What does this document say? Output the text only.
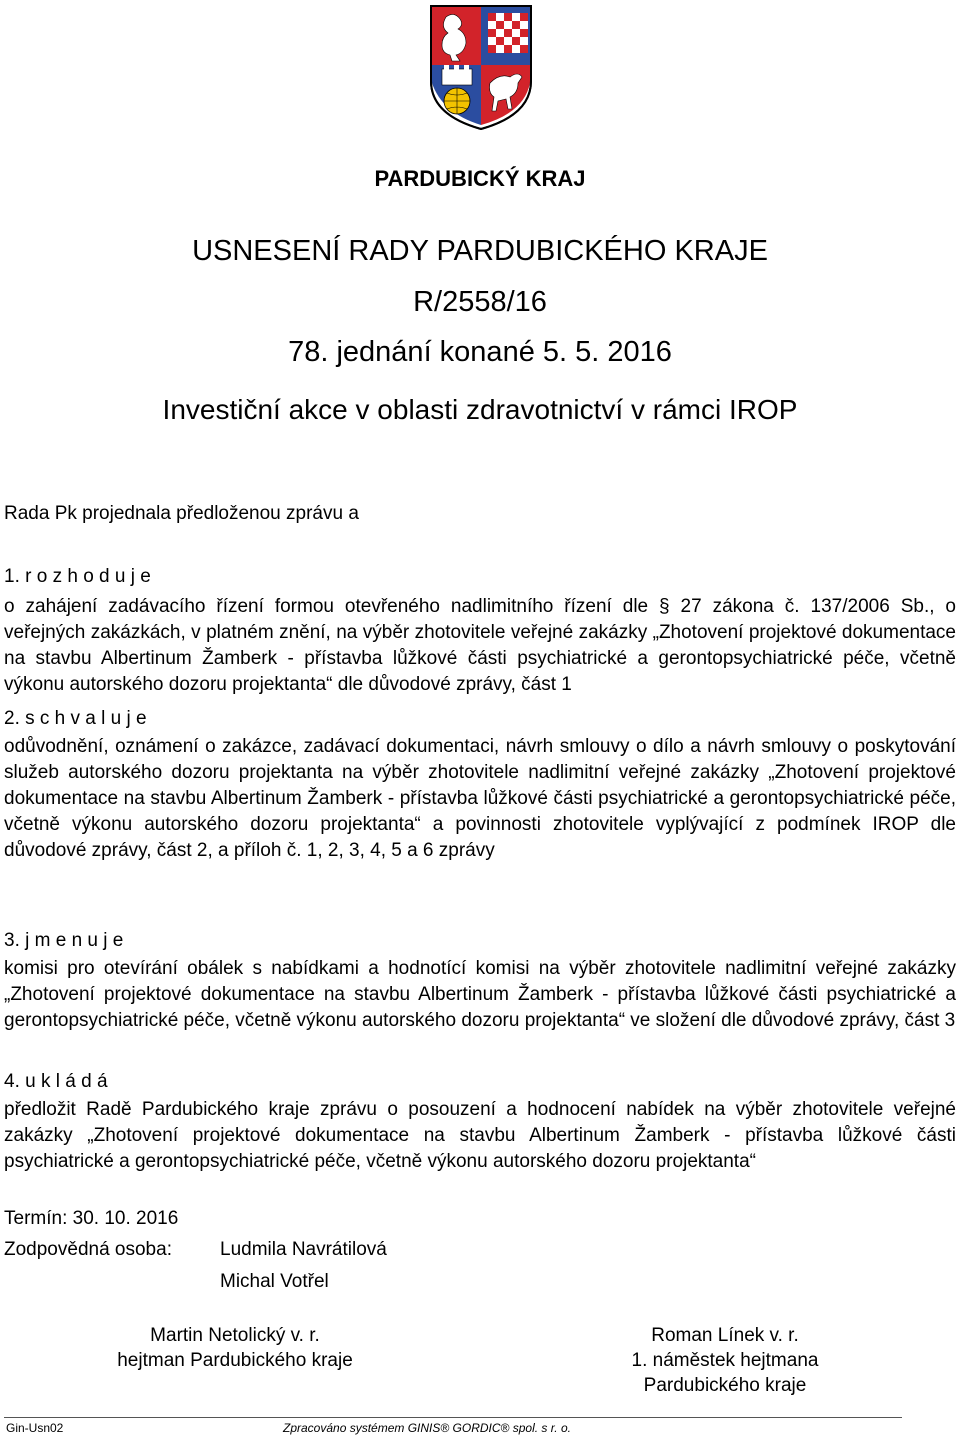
PARDUBICKÝ KRAJ
USNESENÍ RADY PARDUBICKÉHO KRAJE
R/2558/16
78. jednání konané 5. 5. 2016
Investiční akce v oblasti zdravotnictví v rámci IROP
Rada Pk projednala předloženou zprávu a
1. r o z h o d u j e
o zahájení zadávacího řízení formou otevřeného nadlimitního řízení dle § 27 zákona č. 137/2006 Sb., o veřejných zakázkách, v platném znění, na výběr zhotovitele veřejné zakázky „Zhotovení projektové dokumentace na stavbu Albertinum Žamberk - přístavba lůžkové části psychiatrické a gerontopsychiatrické péče, včetně výkonu autorského dozoru projektanta“ dle důvodové zprávy, část 1
2. s c h v a l u j e
odůvodnění, oznámení o zakázce, zadávací dokumentaci, návrh smlouvy o dílo a návrh smlouvy o poskytování služeb autorského dozoru projektanta na výběr zhotovitele nadlimitní veřejné zakázky „Zhotovení projektové dokumentace na stavbu Albertinum Žamberk - přístavba lůžkové části psychiatrické a gerontopsychiatrické péče, včetně výkonu autorského dozoru projektanta“ a povinnosti zhotovitele vyplývající z podmínek IROP dle důvodové zprávy, část 2, a příloh č. 1, 2, 3, 4, 5 a 6 zprávy
3. j m e n u j e
komisi pro otevírání obálek s nabídkami a hodnotící komisi na výběr zhotovitele nadlimitní veřejné zakázky „Zhotovení projektové dokumentace na stavbu Albertinum Žamberk - přístavba lůžkové části psychiatrické a gerontopsychiatrické péče, včetně výkonu autorského dozoru projektanta“ ve složení dle důvodové zprávy, část 3
4. u k l á d á
předložit Radě Pardubického kraje zprávu o posouzení a hodnocení nabídek na výběr zhotovitele veřejné zakázky „Zhotovení projektové dokumentace na stavbu Albertinum Žamberk - přístavba lůžkové části psychiatrické a gerontopsychiatrické péče, včetně výkonu autorského dozoru projektanta“
Termín: 30. 10. 2016
Zodpovědná osoba:	Ludmila Navrátilová
Michal Votřel
Martin Netolický v. r.
hejtman Pardubického kraje
Roman Línek v. r.
1. náměstek hejtmana
Pardubického kraje
Gin-Usn02	Zpracováno systémem GINIS® GORDIC® spol. s r. o.
